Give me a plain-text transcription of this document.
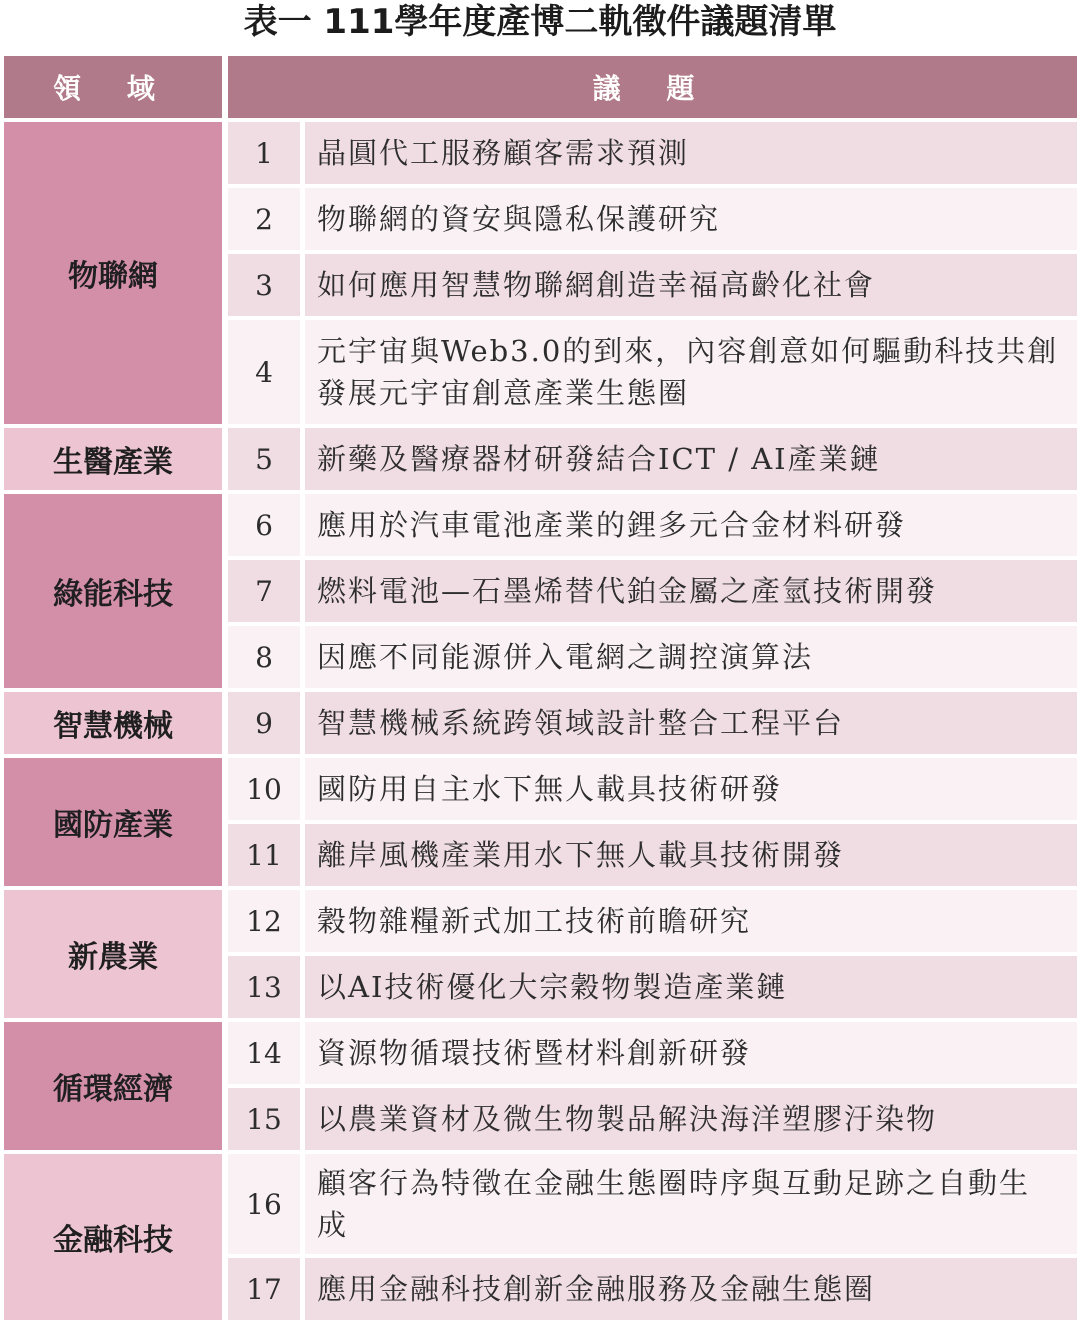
表一 111學年度產博二軌徵件議題清單
領 域		議 題		
物聯網		1		晶圓代工服務顧客需求預測
		2		物聯網的資安與隱私保護研究
		3		如何應用智慧物聯網創造幸福高齡化社會
		4		元宇宙與Web3.0的到來，內容創意如何驅動科技共創發展元宇宙創意產業生態圈
生醫產業		5		新藥及醫療器材研發結合ICT / AI產業鏈
綠能科技		6		應用於汽車電池產業的鋰多元合金材料研發
		7		燃料電池—石墨烯替代鉑金屬之產氫技術開發
		8		因應不同能源併入電網之調控演算法
智慧機械		9		智慧機械系統跨領域設計整合工程平台
國防產業		10		國防用自主水下無人載具技術研發
		11		離岸風機產業用水下無人載具技術開發
新農業		12		穀物雜糧新式加工技術前瞻研究
		13		以AI技術優化大宗穀物製造產業鏈
循環經濟		14		資源物循環技術暨材料創新研發
		15		以農業資材及微生物製品解決海洋塑膠汙染物
金融科技		16		顧客行為特徵在金融生態圈時序與互動足跡之自動生成
		17		應用金融科技創新金融服務及金融生態圈
